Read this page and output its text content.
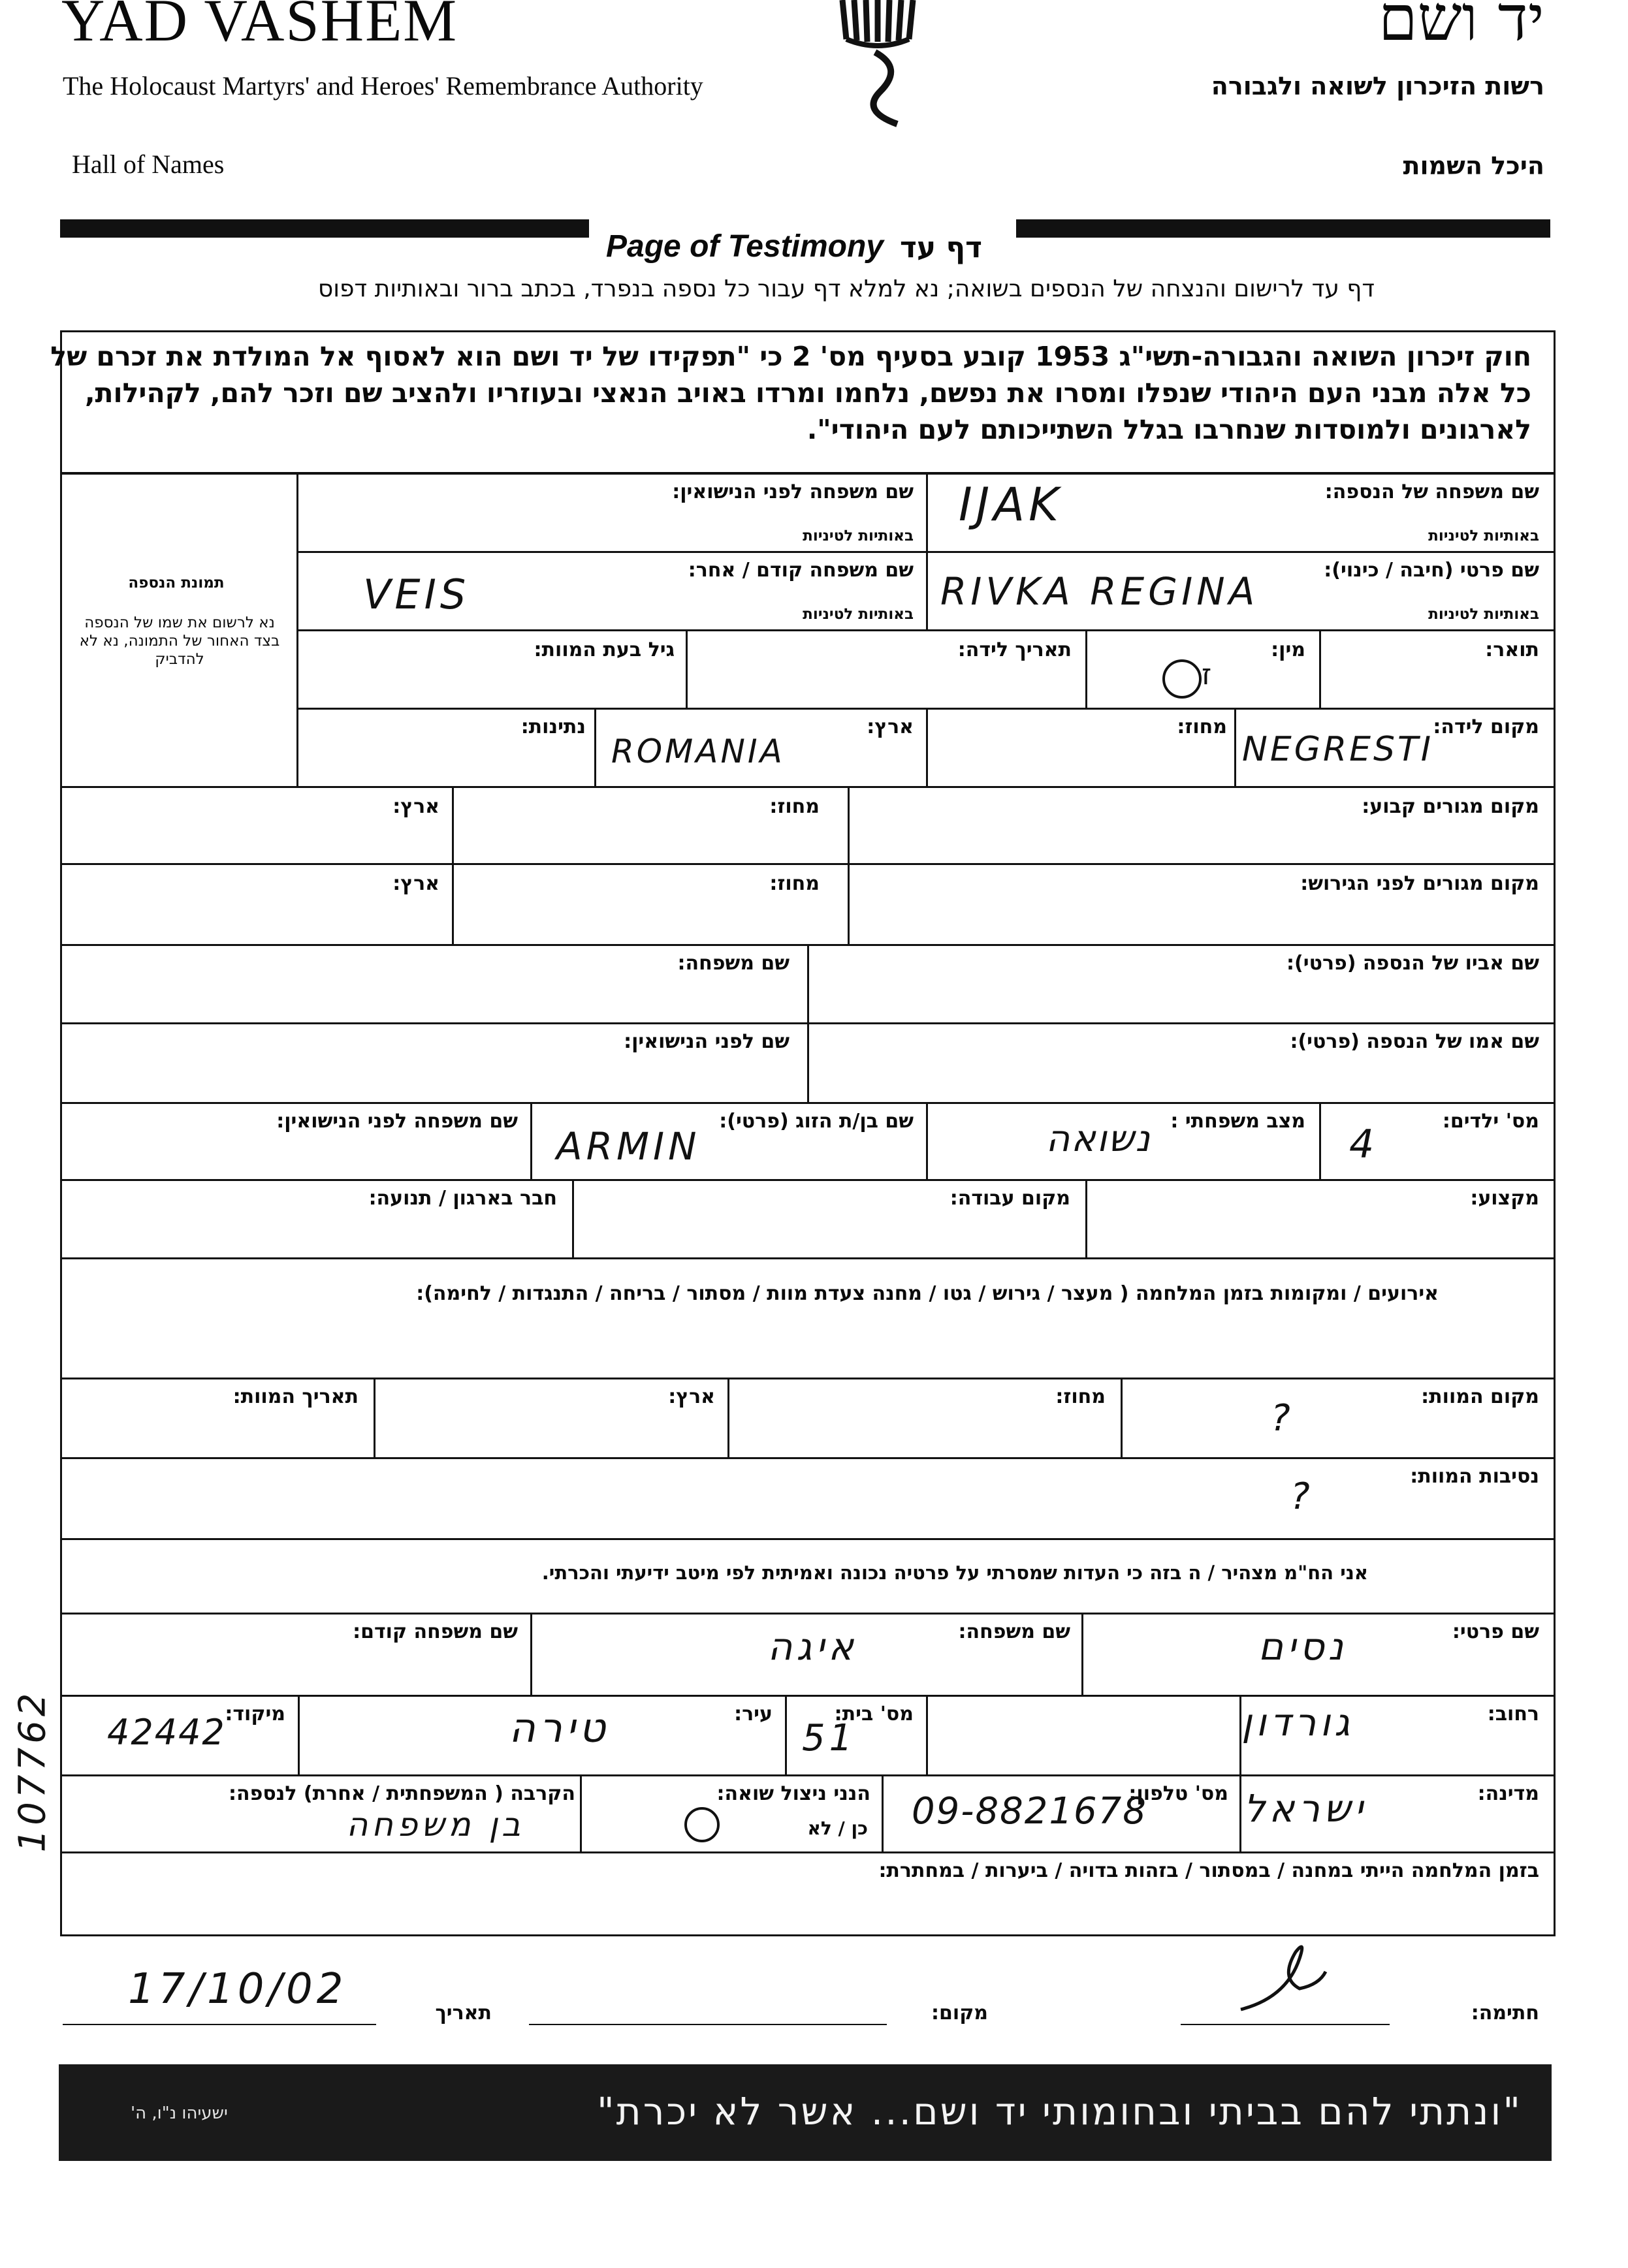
YAD VASHEM
The Holocaust Martyrs' and Heroes' Remembrance Authority
Hall of Names
יד ושם
רשות הזיכרון לשואה ולגבורה
היכל השמות
Page of Testimony דף עד
דף עד לרישום והנצחה של הנספים בשואה; נא למלא דף עבור כל נספה בנפרד, בכתב ברור ובאותיות דפוס
חוק זיכרון השואה והגבורה-תשי"ג 1953 קובע בסעיף מס' 2 כי "תפקידו של יד ושם הוא לאסוף אל המולדת את זכרם של
כל אלה מבני העם היהודי שנפלו ומסרו את נפשם, נלחמו ומרדו באויב הנאצי ובעוזריו ולהציב שם וזכר להם, לקהילות,
לארגונים ולמוסדות שנחרבו בגלל השתייכותם לעם היהודי".
תמונת הנספה
נא לרשום את שמו של הנספה בצד האחור של התמונה, נא לא להדביק
שם משפחה של הנספה:
באותיות לטיניות
IJAK
שם משפחה לפני הנישואין:
באותיות לטיניות
שם פרטי (חיבה / כינוי):
באותיות לטיניות
RIVKA REGINA
שם משפחה קודם / אחר:
באותיות לטיניות
VEIS
תואר:
מין:
ז
תאריך לידה:
גיל בעת המוות:
מקום לידה:
NEGRESTI
מחוז:
ארץ:
ROMANIA
נתינות:
מקום מגורים קבוע:
מחוז:
ארץ:
מקום מגורים לפני הגירוש:
מחוז:
ארץ:
שם אביו של הנספה (פרטי):
שם משפחה:
שם אמו של הנספה (פרטי):
שם לפני הנישואין:
מס' ילדים:
4
מצב משפחתי :
נשואה
שם בן/ת הזוג (פרטי):
ARMIN
שם משפחה לפני הנישואין:
מקצוע:
מקום עבודה:
חבר בארגון / תנועה:
אירועים / ומקומות בזמן המלחמה ( מעצר / גירוש / גטו / מחנה צעדת מוות / מסתור / בריחה / התנגדות / לחימה):
מקום המוות:
?
מחוז:
ארץ:
תאריך המוות:
נסיבות המוות:
?
אני הח"מ מצהיר / ה בזה כי העדות שמסרתי על פרטיה נכונה ואמיתית לפי מיטב ידיעתי והכרתי.
שם פרטי:
נסים
שם משפחה:
איגה
שם משפחה קודם:
רחוב:
גורדון
מס' בית:
51
עיר:
טירה
מיקוד:
42442
מדינה:
ישראל
מס' טלפון:
09-8821678
הנני ניצול שואה:
כן / לא
הקרבה ( המשפחתית / אחרת) לנספה:
בן משפחה
בזמן המלחמה הייתי במחנה / במסתור / בזהות בדויה / ביערות / במחתרת:
חתימה:
מקום:
תאריך
17/10/02
107762
"ונתתי להם בביתי ובחומותי יד ושם... אשר לא יכרת"
ישעיהו נ"ו, ה'
